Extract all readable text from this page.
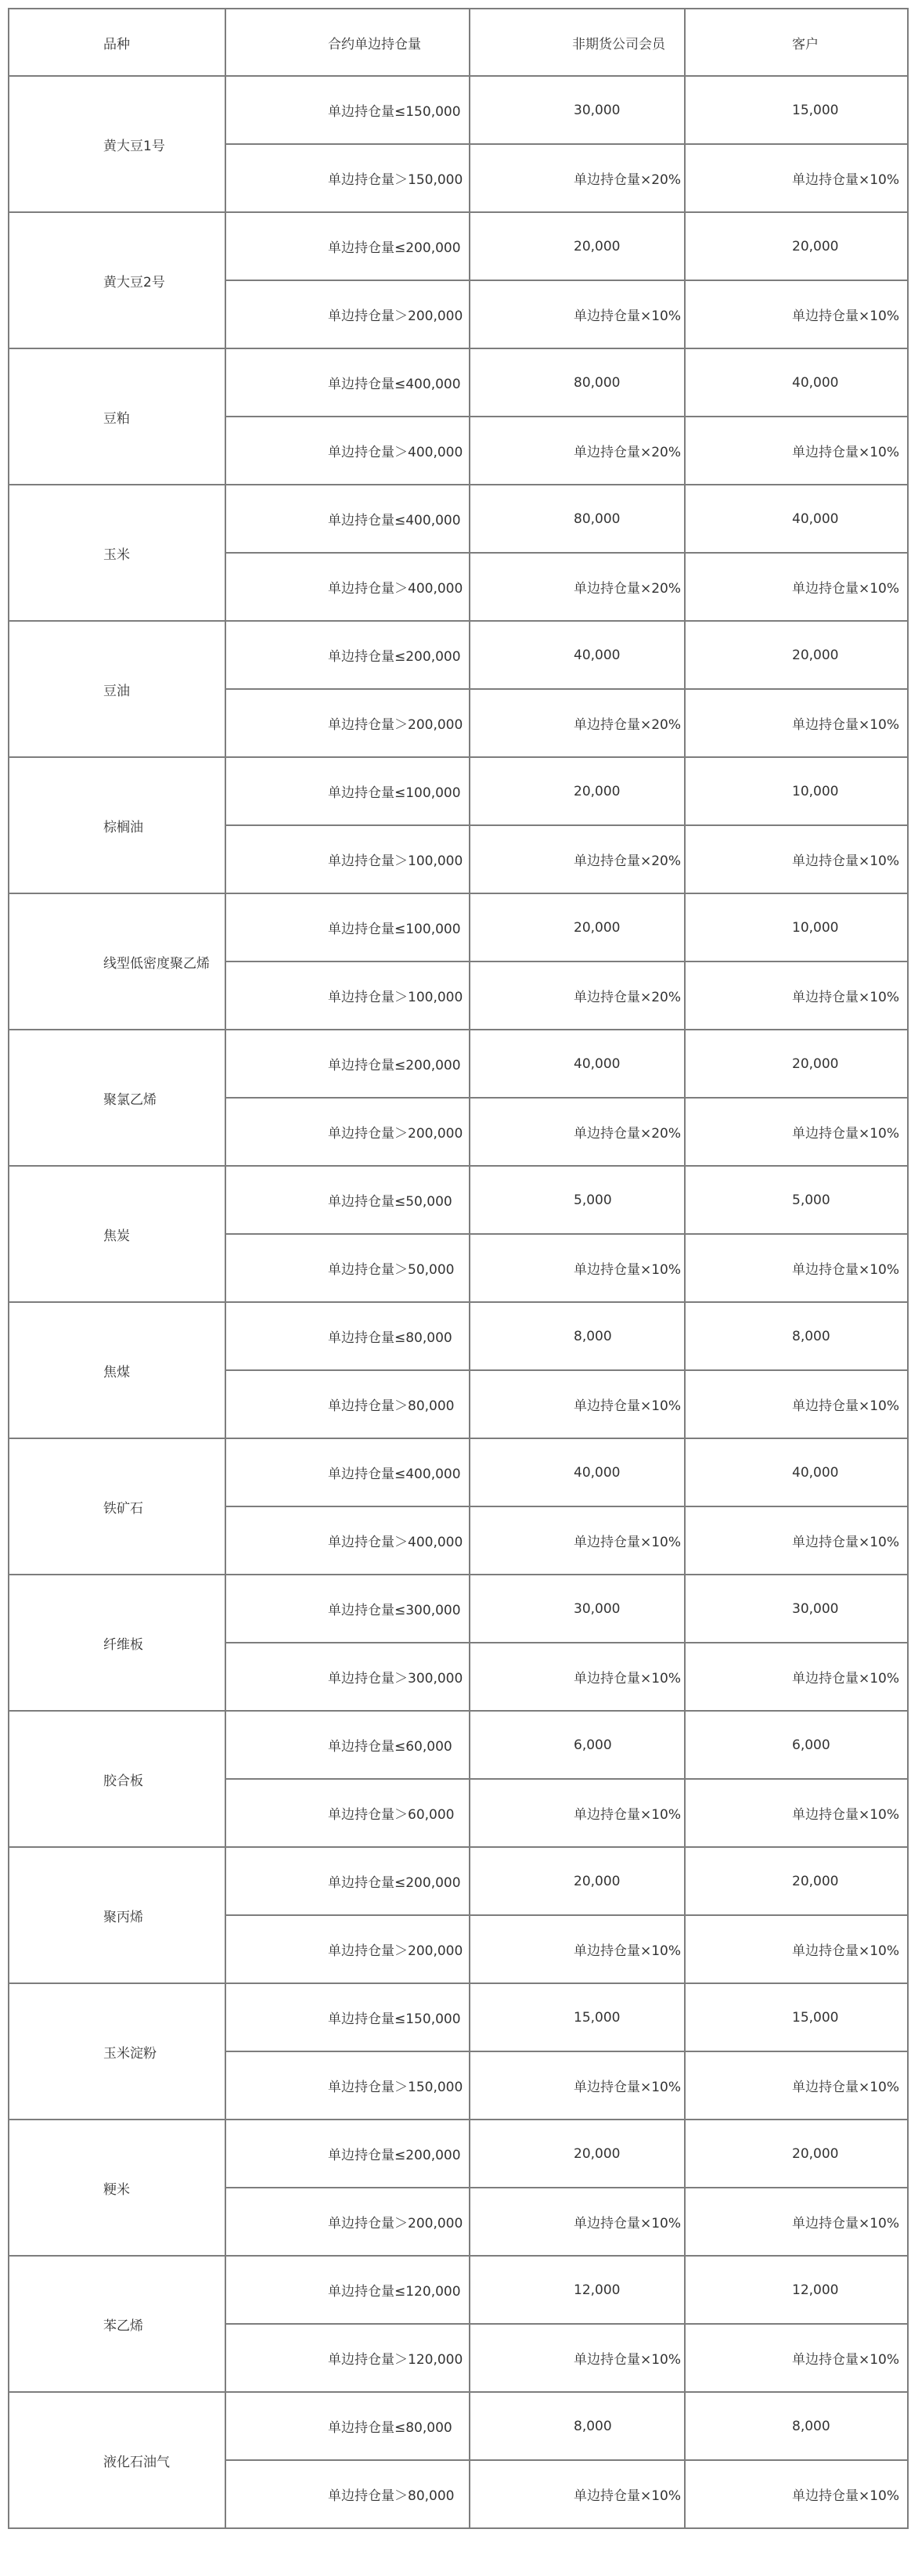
品种	合约单边持仓量	非期货公司会员	客户
黄大豆1号	单边持仓量≤150,000	30,000	15,000
	单边持仓量＞150,000	单边持仓量×20%	单边持仓量×10%
黄大豆2号	单边持仓量≤200,000	20,000	20,000
	单边持仓量＞200,000	单边持仓量×10%	单边持仓量×10%
豆粕	单边持仓量≤400,000	80,000	40,000
	单边持仓量＞400,000	单边持仓量×20%	单边持仓量×10%
玉米	单边持仓量≤400,000	80,000	40,000
	单边持仓量＞400,000	单边持仓量×20%	单边持仓量×10%
豆油	单边持仓量≤200,000	40,000	20,000
	单边持仓量＞200,000	单边持仓量×20%	单边持仓量×10%
棕榈油	单边持仓量≤100,000	20,000	10,000
	单边持仓量＞100,000	单边持仓量×20%	单边持仓量×10%
线型低密度聚乙烯	单边持仓量≤100,000	20,000	10,000
	单边持仓量＞100,000	单边持仓量×20%	单边持仓量×10%
聚氯乙烯	单边持仓量≤200,000	40,000	20,000
	单边持仓量＞200,000	单边持仓量×20%	单边持仓量×10%
焦炭	单边持仓量≤50,000	5,000	5,000
	单边持仓量＞50,000	单边持仓量×10%	单边持仓量×10%
焦煤	单边持仓量≤80,000	8,000	8,000
	单边持仓量＞80,000	单边持仓量×10%	单边持仓量×10%
铁矿石	单边持仓量≤400,000	40,000	40,000
	单边持仓量＞400,000	单边持仓量×10%	单边持仓量×10%
纤维板	单边持仓量≤300,000	30,000	30,000
	单边持仓量＞300,000	单边持仓量×10%	单边持仓量×10%
胶合板	单边持仓量≤60,000	6,000	6,000
	单边持仓量＞60,000	单边持仓量×10%	单边持仓量×10%
聚丙烯	单边持仓量≤200,000	20,000	20,000
	单边持仓量＞200,000	单边持仓量×10%	单边持仓量×10%
玉米淀粉	单边持仓量≤150,000	15,000	15,000
	单边持仓量＞150,000	单边持仓量×10%	单边持仓量×10%
粳米	单边持仓量≤200,000	20,000	20,000
	单边持仓量＞200,000	单边持仓量×10%	单边持仓量×10%
苯乙烯	单边持仓量≤120,000	12,000	12,000
	单边持仓量＞120,000	单边持仓量×10%	单边持仓量×10%
液化石油气	单边持仓量≤80,000	8,000	8,000
	单边持仓量＞80,000	单边持仓量×10%	单边持仓量×10%
